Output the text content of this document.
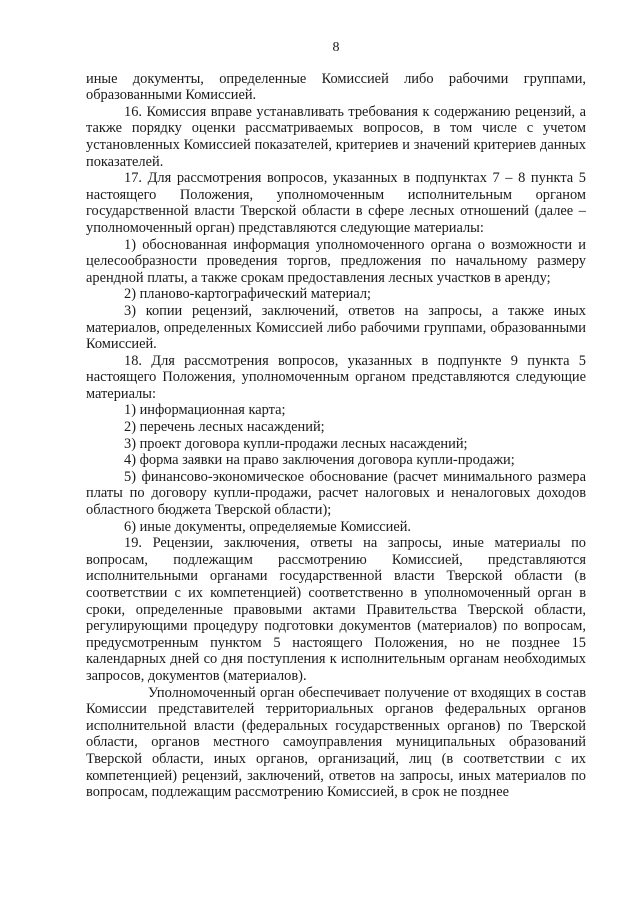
8

иные документы, определенные Комиссией либо рабочими группами, образованными Комиссией.

16. Комиссия вправе устанавливать требования к содержанию рецензий, а также порядку оценки рассматриваемых вопросов, в том числе с учетом установленных Комиссией показателей, критериев и значений критериев данных показателей.

17. Для рассмотрения вопросов, указанных в подпунктах 7 – 8 пункта 5 настоящего Положения, уполномоченным исполнительным органом государственной власти Тверской области в сфере лесных отношений (далее – уполномоченный орган) представляются следующие материалы:

1) обоснованная информация уполномоченного органа о возможности и целесообразности проведения торгов, предложения по начальному размеру арендной платы, а также срокам предоставления лесных участков в аренду;

2) планово-картографический материал;

3) копии рецензий, заключений, ответов на запросы, а также иных материалов, определенных Комиссией либо рабочими группами, образованными Комиссией.

18. Для рассмотрения вопросов, указанных в подпункте 9 пункта 5 настоящего Положения, уполномоченным органом представляются следующие материалы:

1) информационная карта;

2) перечень лесных насаждений;

3) проект договора купли-продажи лесных насаждений;

4) форма заявки на право заключения договора купли-продажи;

5) финансово-экономическое обоснование (расчет минимального размера платы по договору купли-продажи, расчет налоговых и неналоговых доходов областного бюджета Тверской области);

6) иные документы, определяемые Комиссией.

19. Рецензии, заключения, ответы на запросы, иные материалы по вопросам, подлежащим рассмотрению Комиссией, представляются исполнительными органами государственной власти Тверской области (в соответствии с их компетенцией) соответственно в уполномоченный орган в сроки, определенные правовыми актами Правительства Тверской области, регулирующими процедуру подготовки документов (материалов) по вопросам, предусмотренным пунктом 5 настоящего Положения, но не позднее 15 календарных дней со дня поступления к исполнительным органам необходимых запросов, документов (материалов).

Уполномоченный орган обеспечивает получение от входящих в состав Комиссии представителей территориальных органов федеральных органов исполнительной власти (федеральных государственных органов) по Тверской области, органов местного самоуправления муниципальных образований Тверской области, иных органов, организаций, лиц (в соответствии с их компетенцией) рецензий, заключений, ответов на запросы, иных материалов по вопросам, подлежащим рассмотрению Комиссией, в срок не позднее
